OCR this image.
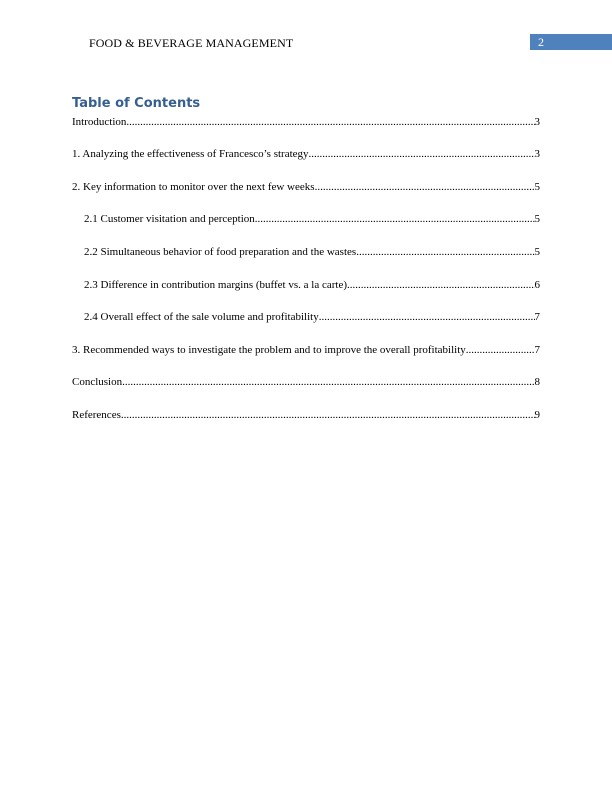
FOOD & BEVERAGE MANAGEMENT	2
Table of Contents
Introduction .....	3
1. Analyzing the effectiveness of Francesco’s strategy .....	3
2. Key information to monitor over the next few weeks .....	5
2.1 Customer visitation and perception .....	5
2.2 Simultaneous behavior of food preparation and the wastes .....	5
2.3 Difference in contribution margins (buffet vs. a la carte) .....	6
2.4 Overall effect of the sale volume and profitability .....	7
3. Recommended ways to investigate the problem and to improve the overall profitability .....	7
Conclusion .....	8
References .....	9
